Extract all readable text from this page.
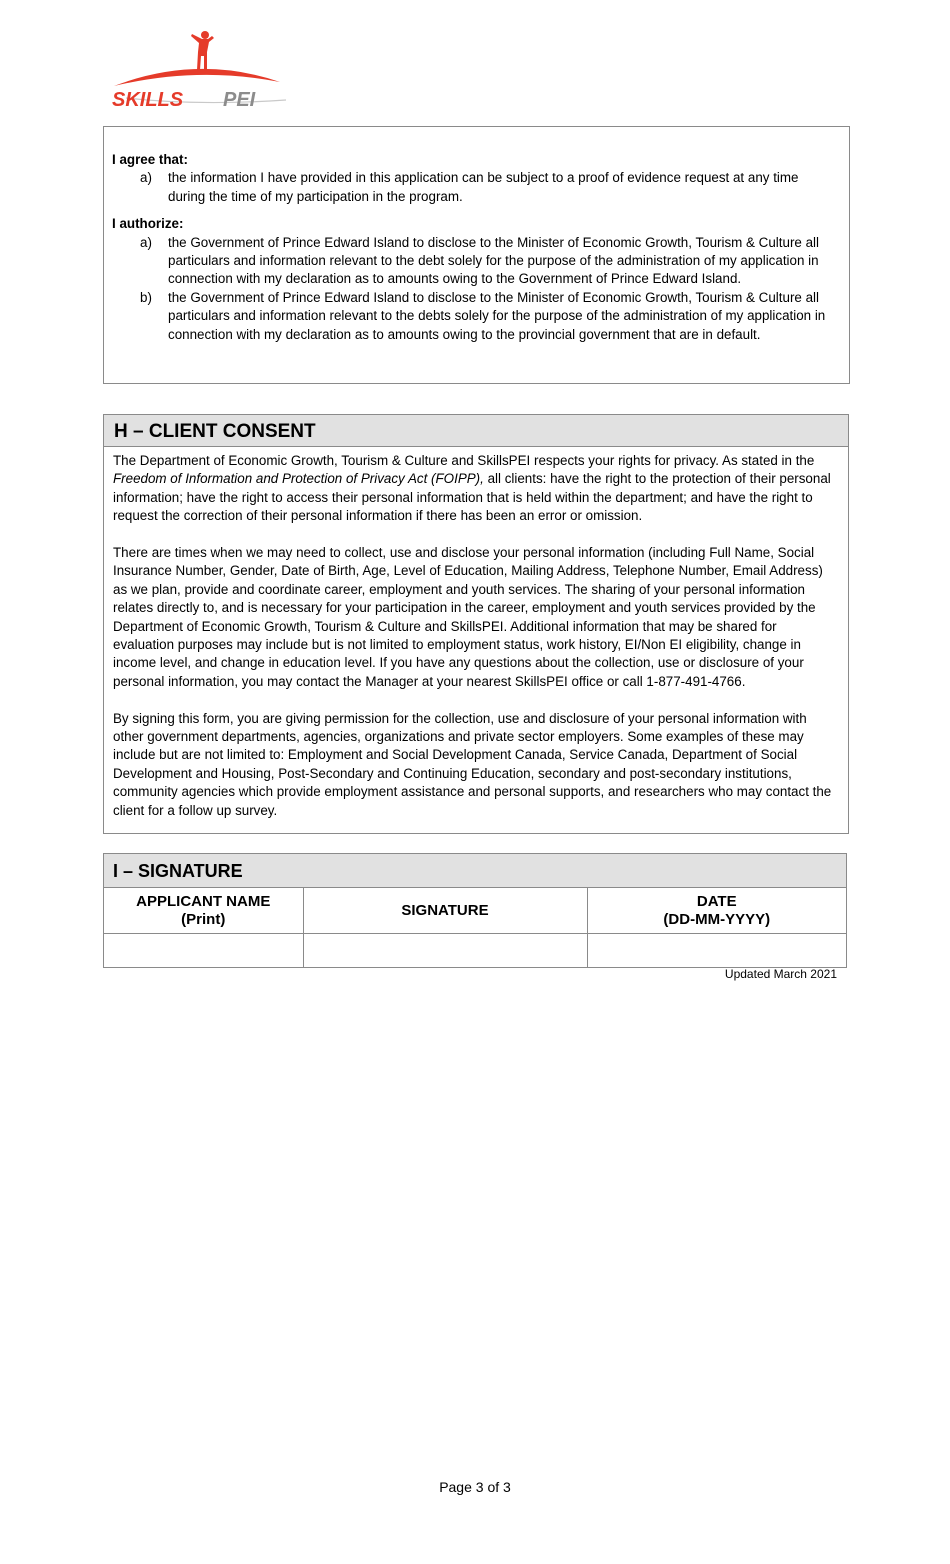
SKILLS PEI

I agree that:

a)	the information I have provided in this application can be subject to a proof of evidence request at any time during the time of my participation in the program.

I authorize:

a)	the Government of Prince Edward Island to disclose to the Minister of Economic Growth, Tourism & Culture all particulars and information relevant to the debt solely for the purpose of the administration of my application in connection with my declaration as to amounts owing to the Government of Prince Edward Island.
b)	the Government of Prince Edward Island to disclose to the Minister of Economic Growth, Tourism & Culture all particulars and information relevant to the debts solely for the purpose of the administration of my application in connection with my declaration as to amounts owing to the provincial government that are in default.
H – CLIENT CONSENT

The Department of Economic Growth, Tourism & Culture and SkillsPEI respects your rights for privacy. As stated in the Freedom of Information and Protection of Privacy Act (FOIPP), all clients: have the right to the protection of their personal information; have the right to access their personal information that is held within the department; and have the right to request the correction of their personal information if there has been an error or omission.

There are times when we may need to collect, use and disclose your personal information (including Full Name, Social Insurance Number, Gender, Date of Birth, Age, Level of Education, Mailing Address, Telephone Number, Email Address) as we plan, provide and coordinate career, employment and youth services. The sharing of your personal information relates directly to, and is necessary for your participation in the career, employment and youth services provided by the Department of Economic Growth, Tourism & Culture and SkillsPEI. Additional information that may be shared for evaluation purposes may include but is not limited to employment status, work history, EI/Non EI eligibility, change in income level, and change in education level. If you have any questions about the collection, use or disclosure of your personal information, you may contact the Manager at your nearest SkillsPEI office or call 1-877-491-4766.

By signing this form, you are giving permission for the collection, use and disclosure of your personal information with other government departments, agencies, organizations and private sector employers. Some examples of these may include but are not limited to: Employment and Social Development Canada, Service Canada, Department of Social Development and Housing, Post-Secondary and Continuing Education, secondary and post-secondary institutions, community agencies which provide employment assistance and personal supports, and researchers who may contact the client for a follow up survey.

I – SIGNATURE
APPLICANT NAME
(Print)	SIGNATURE	DATE
(DD-MM-YYYY)

Updated March 2021
Page 3 of 3
